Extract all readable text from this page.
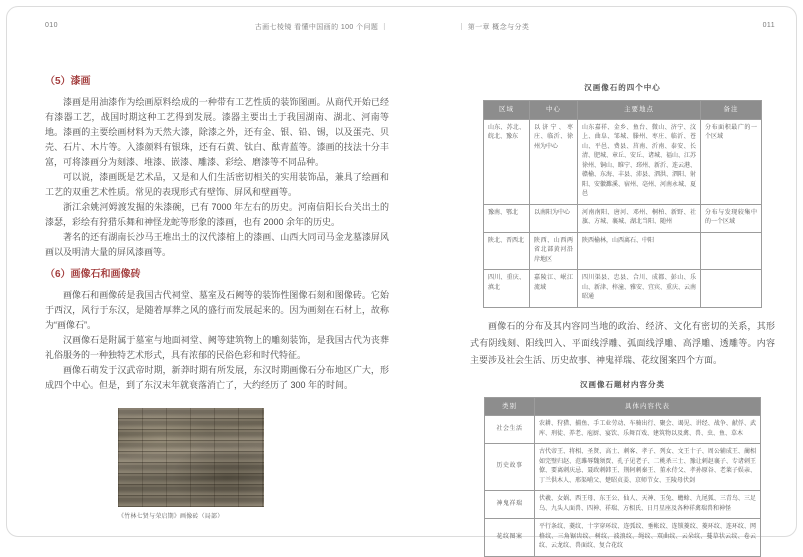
010	古画七棱镜 看懂中国画的 100 个问题 ｜	｜ 第一章 概念与分类	011
（5）漆画

漆画是用油漆作为绘画原料绘成的一种带有工艺性质的装饰图画。从商代开始已经有漆器工艺，战国时期这种工艺得到发展。漆器主要出土于我国湖南、湖北、河南等地。漆画的主要绘画材料为天然大漆，除漆之外，还有金、银、铅、锡，以及蛋壳、贝壳、石片、木片等。入漆颜料有银珠，还有石黄、钛白、酞青蓝等。漆画的技法十分丰富，可将漆画分为刻漆、堆漆、嵌漆、雕漆、彩绘、磨漆等不同品种。

可以说，漆画既是艺术品，又是和人们生活密切相关的实用装饰品，兼具了绘画和工艺的双重艺术性质。常见的表现形式有壁饰、屏风和壁画等。

浙江余姚河姆渡发掘的朱漆碗，已有 7000 年左右的历史。河南信阳长台关出土的漆瑟，彩绘有狩猎乐舞和神怪龙蛇等形象的漆画，也有 2000 余年的历史。

著名的还有湖南长沙马王堆出土的汉代漆棺上的漆画、山西大同司马金龙墓漆屏风画以及明清大量的屏风漆画等。

（6）画像石和画像砖

画像石和画像砖是我国古代祠堂、墓室及石阙等的装饰性图像石刻和图像砖。它始于西汉，风行于东汉，是随着厚葬之风的盛行而发展起来的。因为画刻在石材上，故称为“画像石”。

汉画像石是附属于墓室与地面祠堂、阙等建筑物上的雕刻装饰，是我国古代为丧葬礼俗服务的一种独特艺术形式，具有浓郁的民俗色彩和时代特征。

画像石萌发于汉武帝时期，新莽时期有所发展，东汉时期画像石分布地区广大，形成四个中心。但是，到了东汉末年就衰落消亡了，大约经历了 300 年的时间。

《竹林七贤与荣启期》画像砖（局部）
汉画像石的四个中心
区域	中心	主要地点	备注
山东、苏北、皖北、豫东	以济宁、枣庄、临沂、徐州为中心	山东嘉祥、金乡、鱼台、微山、济宁、汶上、曲阜、邹城、滕州、枣庄、临沂、苍山、平邑、费县、莒南、沂南、泰安、长清、肥城、章丘、安丘、诸城、福山、江苏徐州、铜山、睢宁、邳州、新沂、连云港、赣榆、东海、丰县、沛县、泗洪、泗阳、射阳、安徽濉溪、宿州、亳州、河南永城、夏邑	分布面积最广的一个区域
豫南、鄂北	以南阳为中心	河南南阳、唐河、邓州、桐柏、新野、社旗、方城、襄城、湖北当阳、随州	分布与发现较集中的一个区域
陕北、晋西北	陕西、山西两省北部黄河沿岸地区	陕西榆林，山西离石、中阳	
四川、重庆、滇北	嘉陵江、岷江流域	四川渠县、忠县、合川、成都、彭山、乐山、新津、梓潼、雅安、宜宾、重庆、云南昭通	

画像石的分布及其内容同当地的政治、经济、文化有密切的关系，其形式有阴线刻、阳线凹入、平面线浮雕、弧面线浮雕、高浮雕、透雕等。内容主要涉及社会生活、历史故事、神鬼祥瑞、花纹图案四个方面。

汉画像石题材内容分类
类别	具体内容代表
社会生活	农耕、狩猎、捕鱼、手工业劳动、车骑出行、聚会、谒见、讲经、战争、献俘、武库、刑徒、养老、庖厨、宴饮、乐舞百戏、建筑物以及禽、兽、虫、鱼、草木
历史故事	古代帝王、将相、圣贤、高士、刺客、孝子、列女、文王十子、周公辅成王、蔺相如完璧归赵、范雎辱魏须贾、孔子见老子、二桃杀三士、豫让刺赵襄子、专诸刺王僚、要离刺庆忌、聂政刺韩王、荆轲刺秦王、董永侍父、孝孙原谷、老莱子娱亲、丁兰供木人、邢渠哺父、楚昭贞姜、京师节女、王陵母伏剑
神鬼祥瑞	伏羲、女娲、西王母、东王公、仙人、天神、玉兔、蟾蜍、九尾狐、三青鸟、三足乌、九头人面兽、四神、祥瑞、方相氏、日月星座及各种祥禽瑞兽和神怪
花纹图案	平行条纹、菱纹、十字穿环纹、连弧纹、垂帐纹、连锁菱纹、菱环纹、连环纹、网格纹、三角锯齿纹、树纹、波浪纹、绳纹、双曲纹、云朵纹、蔓草状云纹、卷云纹、云龙纹、兽面纹、复合花纹
